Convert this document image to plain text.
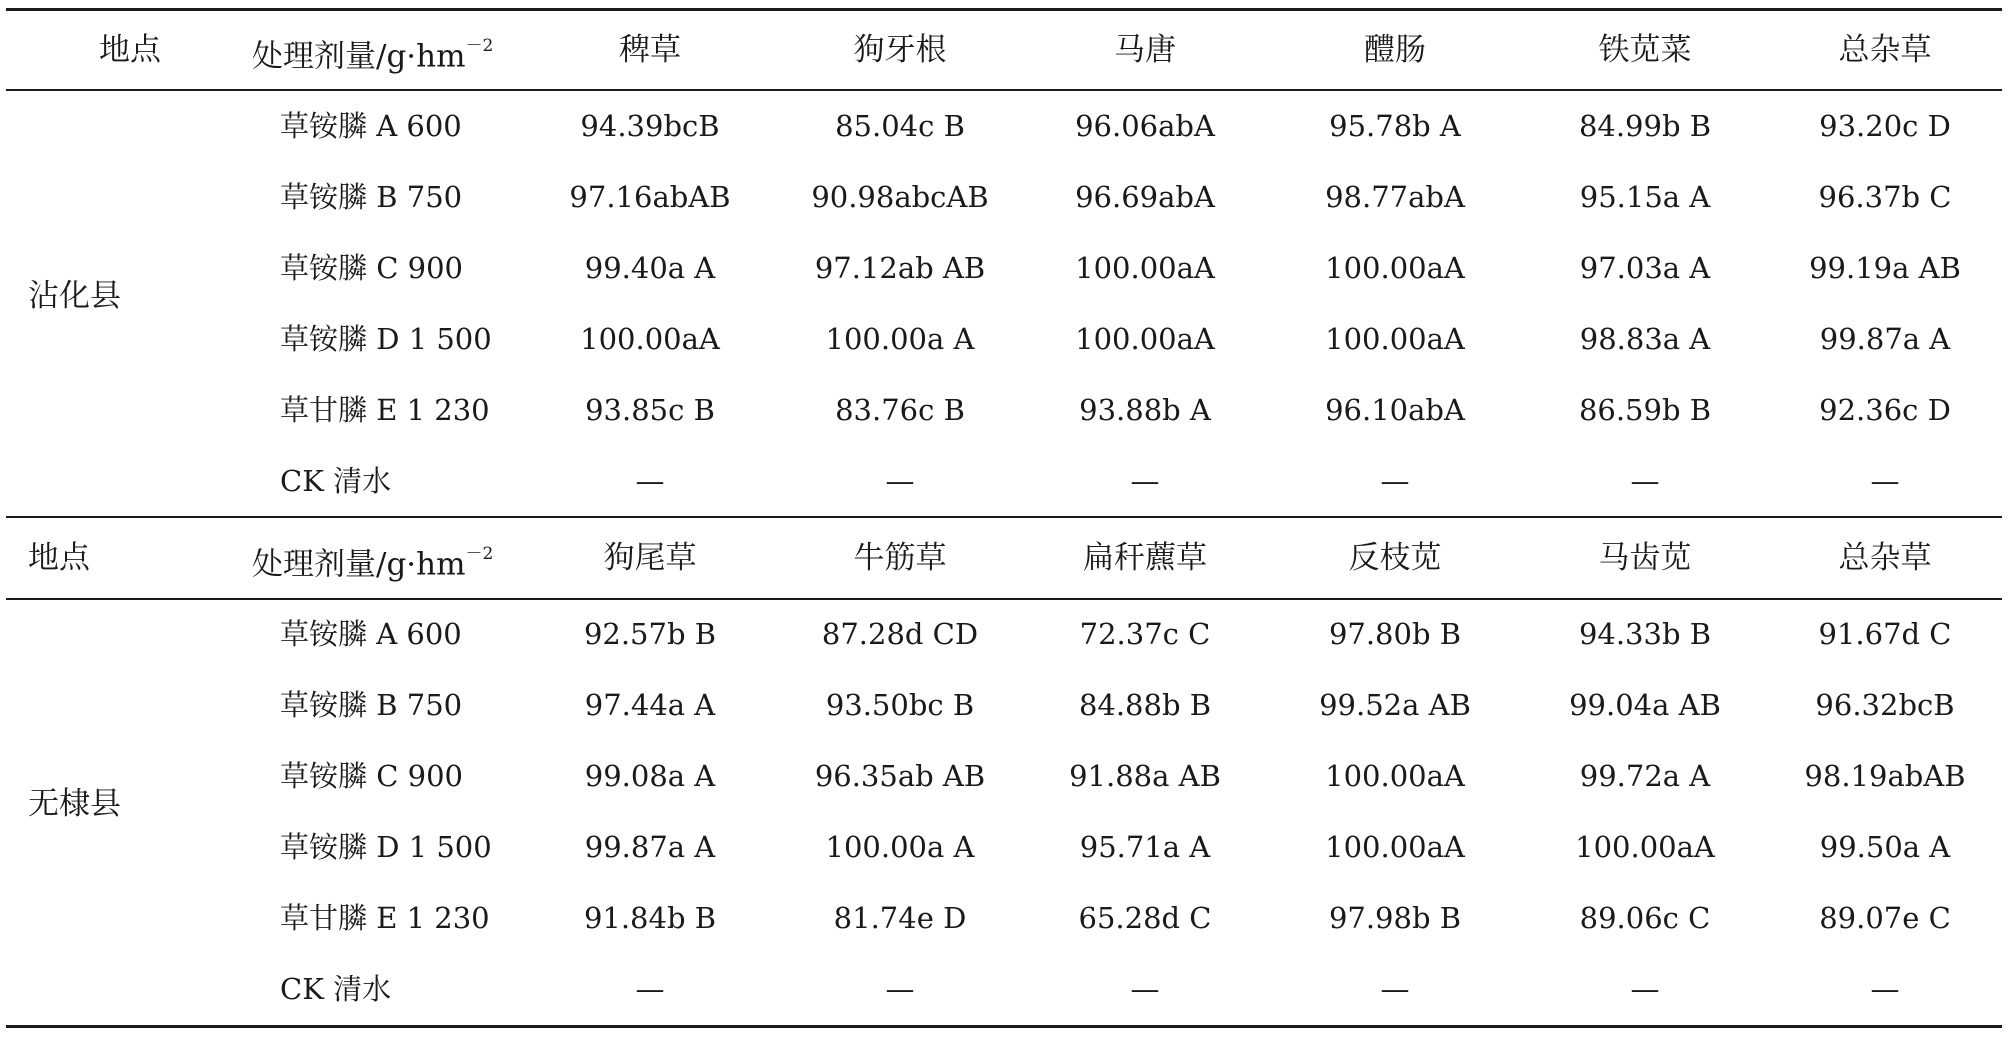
地点	处理剂量$/g\cdot hm^{-2}$	稗草	狗牙根	马唐	醴肠	铁苋菜	总杂草
沾化县
草铵膦 A 600	94.39bcB	85.04c B	96.06abA	95.78b A	84.99b B	93.20c D
草铵膦 B 750	97.16abAB	90.98abcAB	96.69abA	98.77abA	95.15a A	96.37b C
草铵膦 C 900	99.40a A	97.12ab AB	100.00aA	100.00aA	97.03a A	99.19a AB
草铵膦 D 1 500	100.00aA	100.00a A	100.00aA	100.00aA	98.83a A	99.87a A
草甘膦 E 1 230	93.85c B	83.76c B	93.88b A	96.10abA	86.59b B	92.36c D
CK 清水	—	—	—	—	—	—
地点	处理剂量$/g\cdot hm^{-2}$	狗尾草	牛筋草	扁秆藨草	反枝苋	马齿苋	总杂草
无棣县
草铵膦 A 600	92.57b B	87.28d CD	72.37c C	97.80b B	94.33b B	91.67d C
草铵膦 B 750	97.44a A	93.50bc B	84.88b B	99.52a AB	99.04a AB	96.32bcB
草铵膦 C 900	99.08a A	96.35ab AB	91.88a AB	100.00aA	99.72a A	98.19abAB
草铵膦 D 1 500	99.87a A	100.00a A	95.71a A	100.00aA	100.00aA	99.50a A
草甘膦 E 1 230	91.84b B	81.74e D	65.28d C	97.98b B	89.06c C	89.07e C
CK 清水	—	—	—	—	—	—
